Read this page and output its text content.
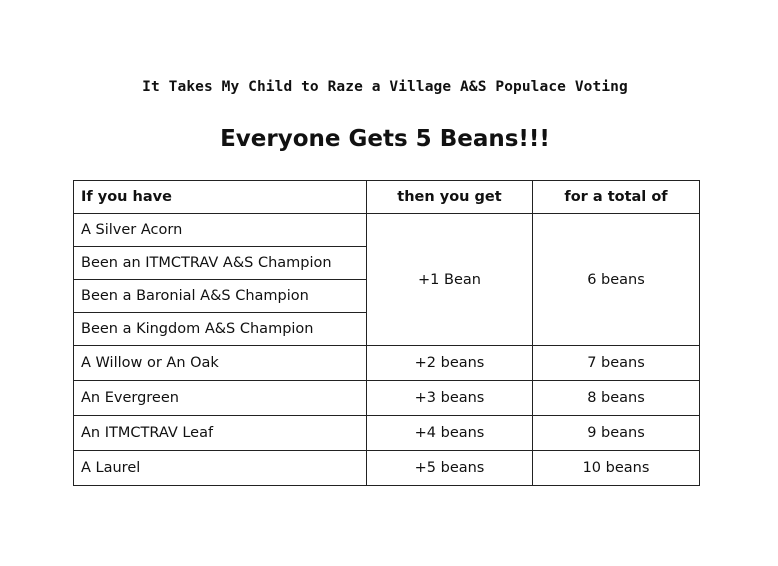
It Takes My Child to Raze a Village A&S Populace Voting
Everyone Gets 5 Beans!!!
If you have	then you get	for a total of
A Silver Acorn	+1 Bean	6 beans
Been an ITMCTRAV A&S Champion		
Been a Baronial A&S Champion		
Been a Kingdom A&S Champion		
A Willow or An Oak	+2 beans	7 beans
An Evergreen	+3 beans	8 beans
An ITMCTRAV Leaf	+4 beans	9 beans
A Laurel	+5 beans	10 beans
